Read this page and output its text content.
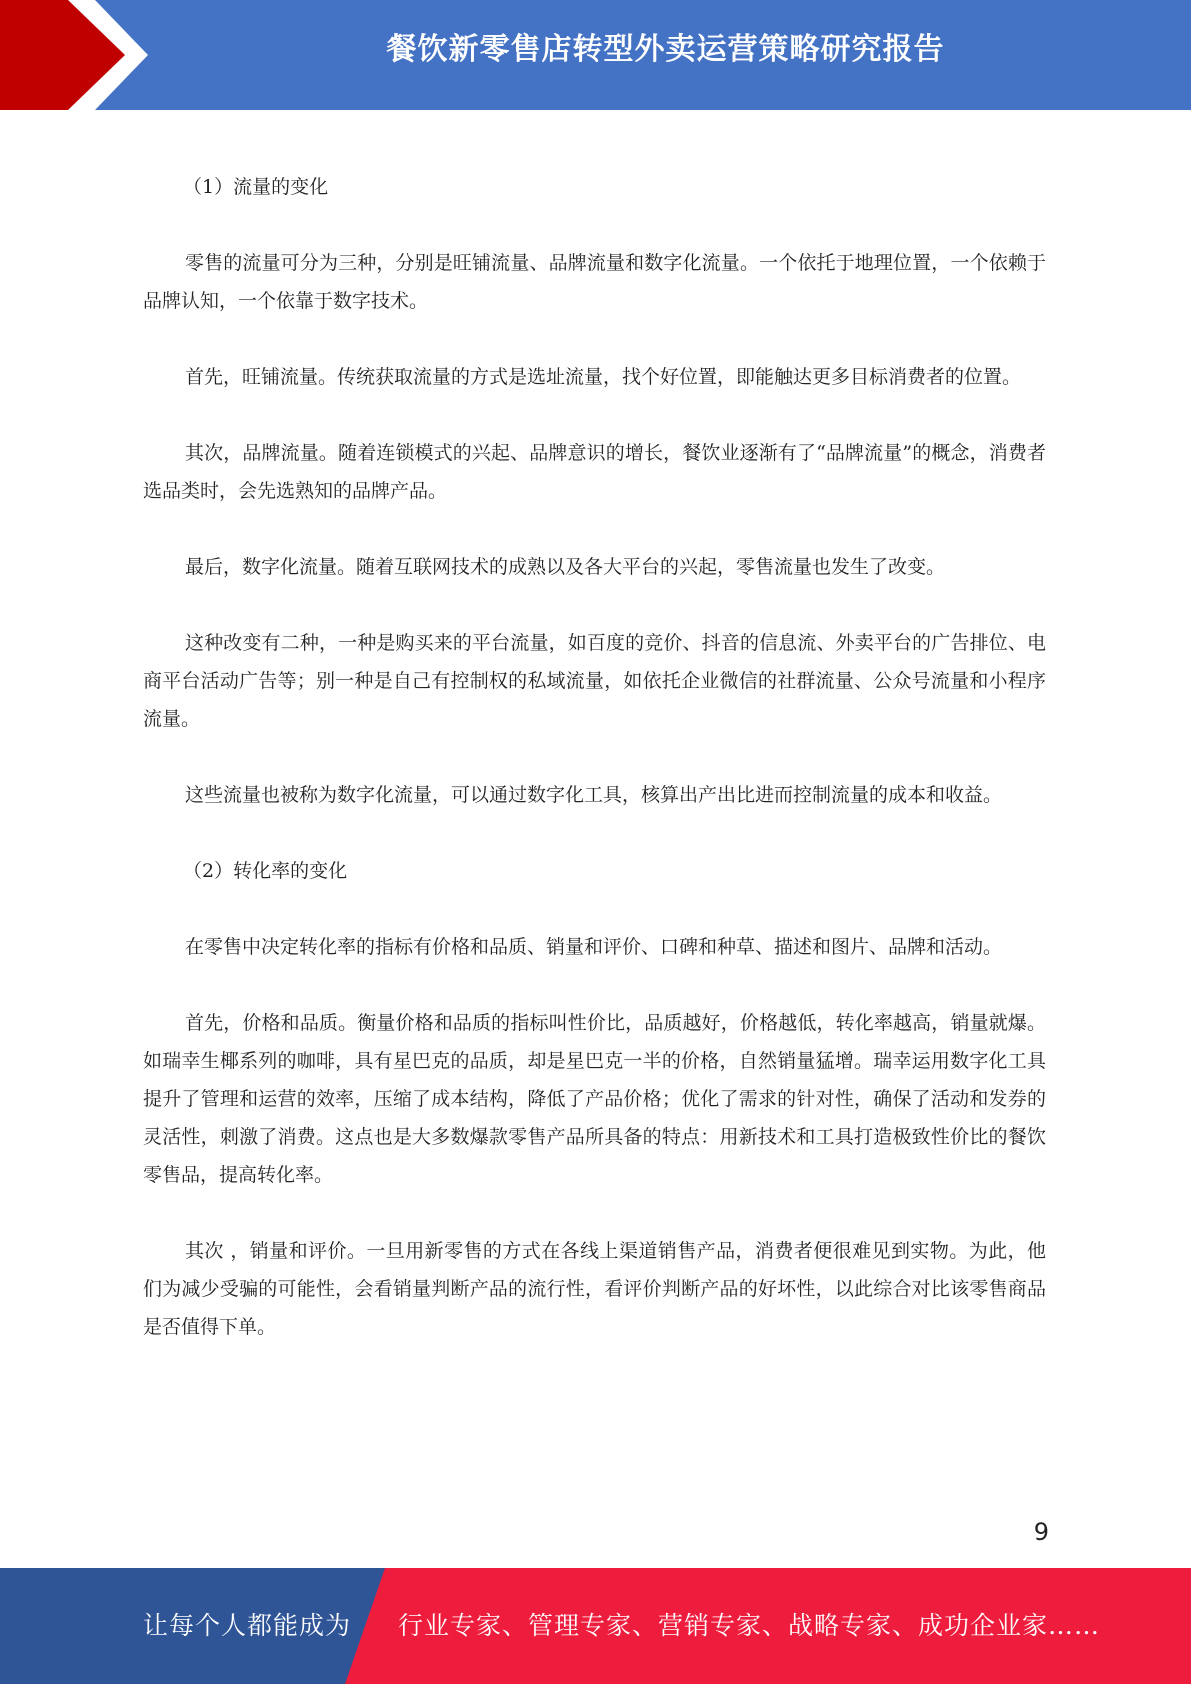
餐饮新零售店转型外卖运营策略研究报告

（1）流量的变化

零售的流量可分为三种，分别是旺铺流量、品牌流量和数字化流量。一个依托于地理位置，一个依赖于品牌认知，一个依靠于数字技术。

首先，旺铺流量。传统获取流量的方式是选址流量，找个好位置，即能触达更多目标消费者的位置。

其次，品牌流量。随着连锁模式的兴起、品牌意识的增长，餐饮业逐渐有了“品牌流量”的概念，消费者选品类时，会先选熟知的品牌产品。

最后，数字化流量。随着互联网技术的成熟以及各大平台的兴起，零售流量也发生了改变。

这种改变有二种，一种是购买来的平台流量，如百度的竞价、抖音的信息流、外卖平台的广告排位、电商平台活动广告等；别一种是自己有控制权的私域流量，如依托企业微信的社群流量、公众号流量和小程序流量。

这些流量也被称为数字化流量，可以通过数字化工具，核算出产出比进而控制流量的成本和收益。

（2）转化率的变化

在零售中决定转化率的指标有价格和品质、销量和评价、口碑和种草、描述和图片、品牌和活动。

首先，价格和品质。衡量价格和品质的指标叫性价比，品质越好，价格越低，转化率越高，销量就爆。如瑞幸生椰系列的咖啡，具有星巴克的品质，却是星巴克一半的价格，自然销量猛增。瑞幸运用数字化工具提升了管理和运营的效率，压缩了成本结构，降低了产品价格；优化了需求的针对性，确保了活动和发券的灵活性，刺激了消费。这点也是大多数爆款零售产品所具备的特点：用新技术和工具打造极致性价比的餐饮零售品，提高转化率。

其次 ，销量和评价。一旦用新零售的方式在各线上渠道销售产品，消费者便很难见到实物。为此，他们为减少受骗的可能性，会看销量判断产品的流行性，看评价判断产品的好坏性，以此综合对比该零售商品是否值得下单。

9
让每个人都能成为 行业专家、管理专家、营销专家、战略专家、成功企业家……
